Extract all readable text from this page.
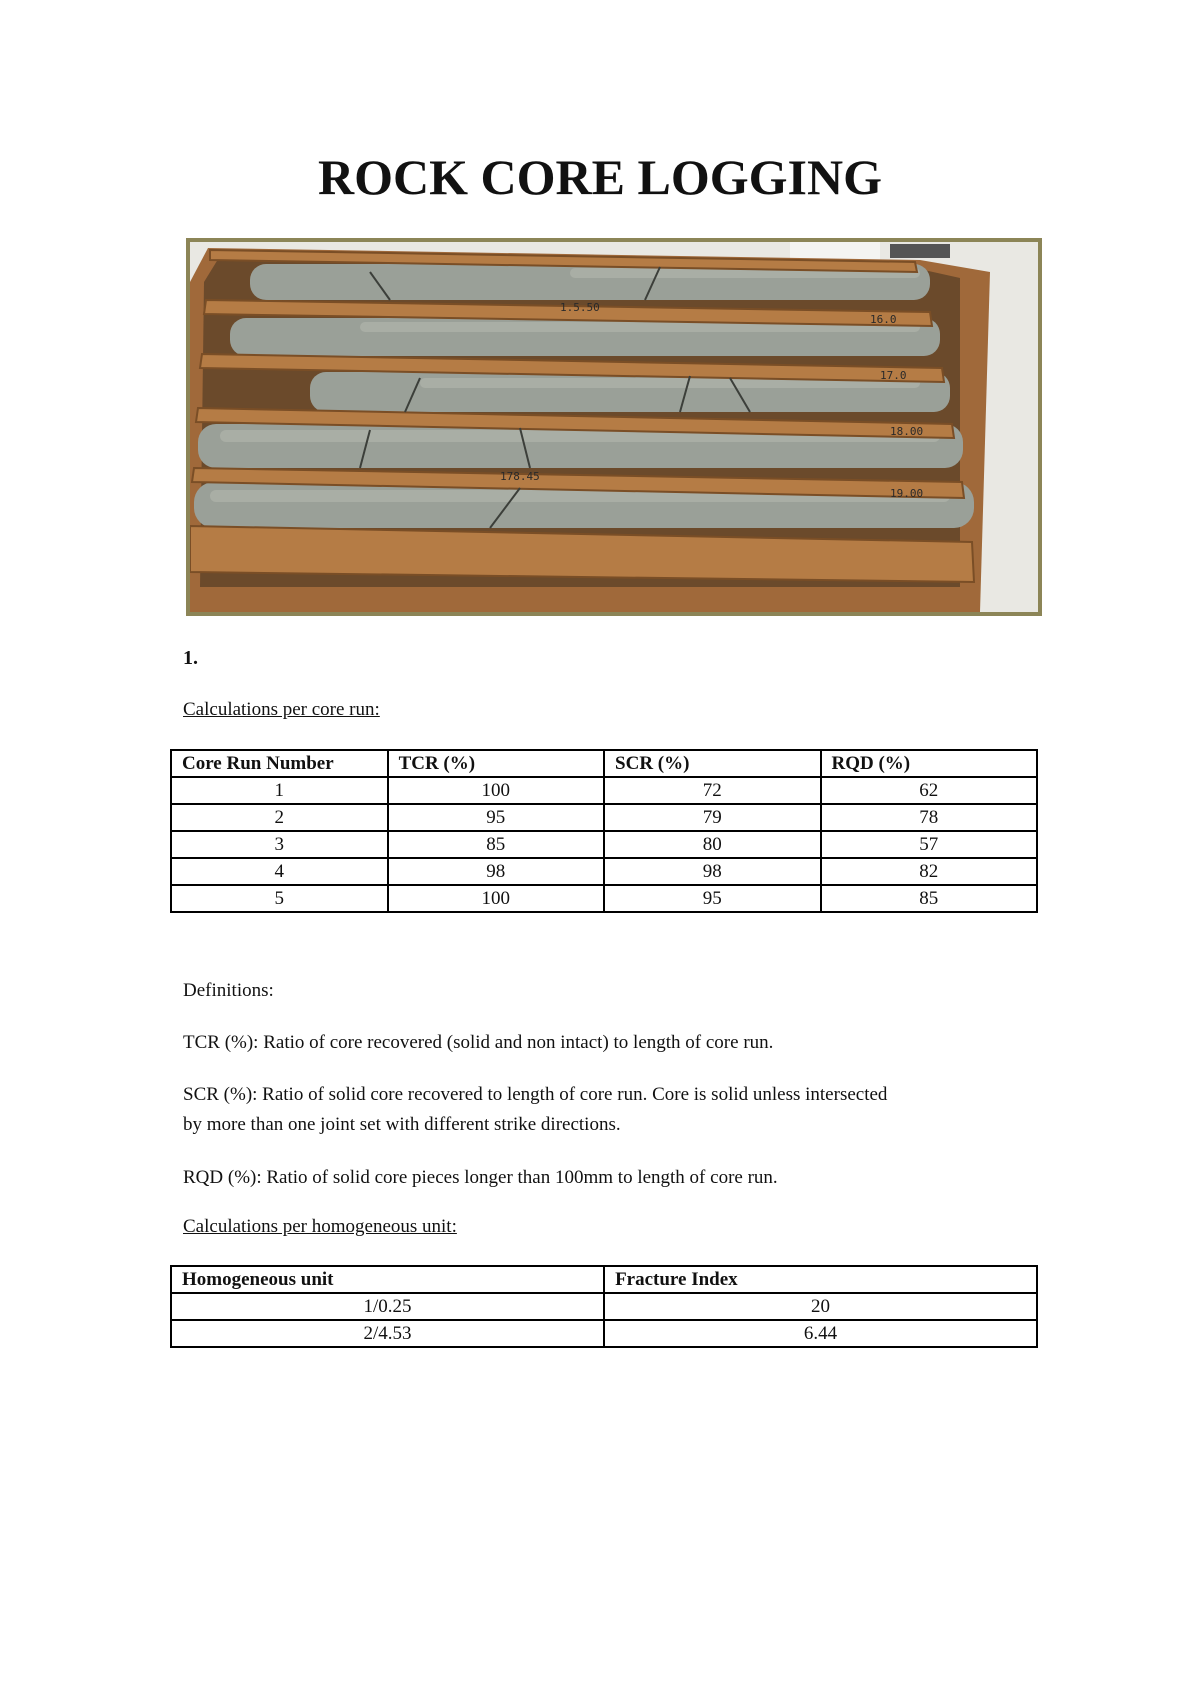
ROCK CORE LOGGING
1.5.50
16.0
17.0
18.00
178.45
19.00

1.

Calculations per core run:

Core Run Number	TCR (%)	SCR (%)	RQD (%)
1	100	72	62
2	95	79	78
3	85	80	57
4	98	98	82
5	100	95	85

Definitions:

TCR (%): Ratio of core recovered (solid and non intact) to length of core run.

SCR (%): Ratio of solid core recovered to length of core run. Core is solid unless intersected

by more than one joint set with different strike directions.

RQD (%): Ratio of solid core pieces longer than 100mm to length of core run.

Calculations per homogeneous unit:

Homogeneous unit	Fracture Index
1/0.25	20
2/4.53	6.44
